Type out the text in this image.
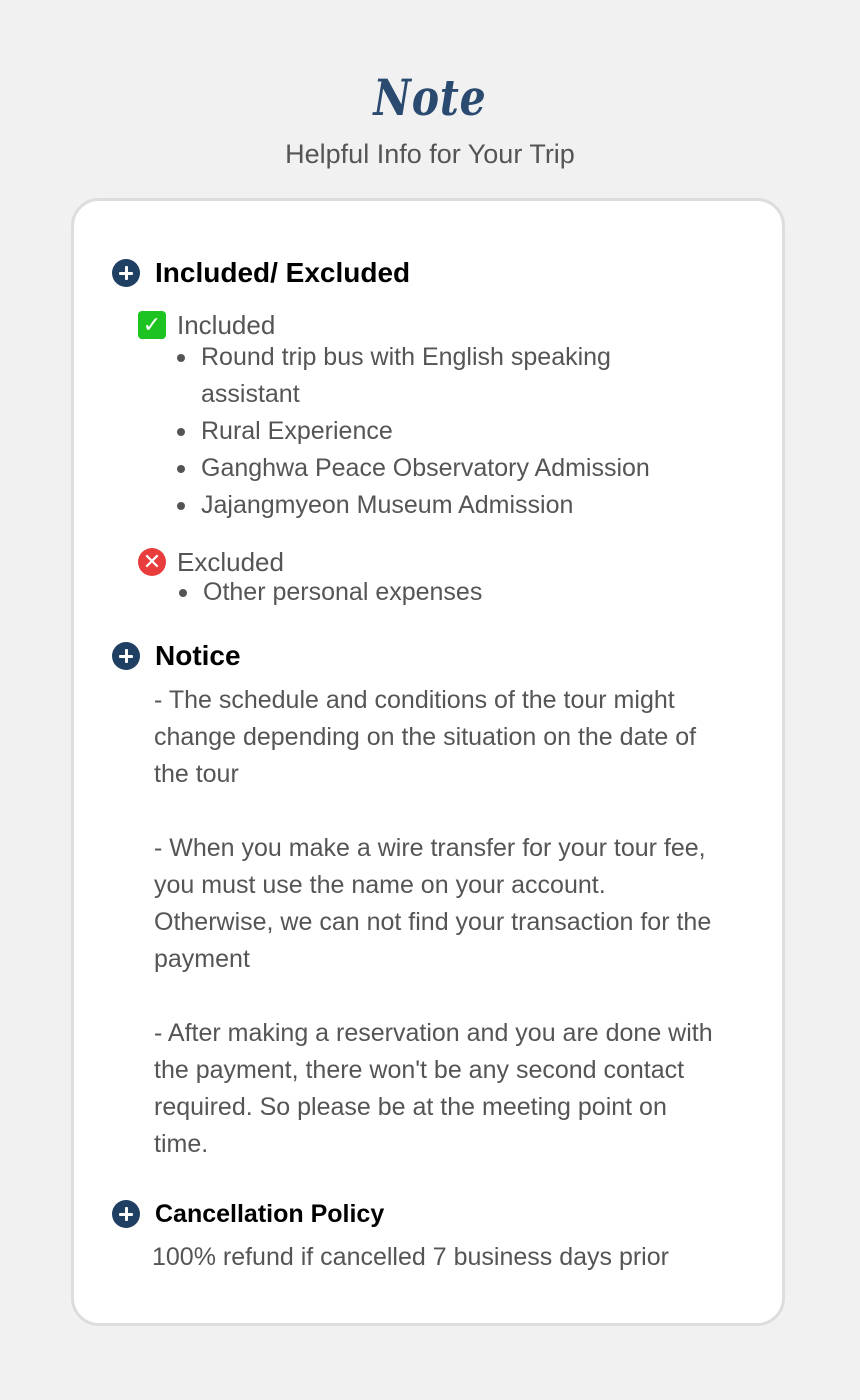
Note
Helpful Info for Your Trip
Included/ Excluded
✓ Included
Round trip bus with English speaking assistant
Rural Experience
Ganghwa Peace Observatory Admission
Jajangmyeon Museum Admission
✕ Excluded
Other personal expenses
Notice

- The schedule and conditions of the tour might change depending on the situation on the date of the tour

- When you make a wire transfer for your tour fee, you must use the name on your account. Otherwise, we can not find your transaction for the payment

- After making a reservation and you are done with the payment, there won't be any second contact required. So please be at the meeting point on time.

Cancellation Policy
100% refund if cancelled 7 business days prior
